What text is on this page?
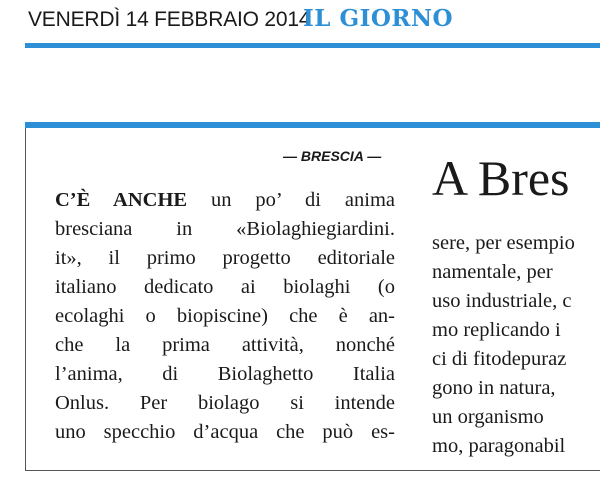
VENERDÌ 14 FEBBRAIO 2014
IL GIORNO
— BRESCIA — A Bres
C’È ANCHE un po’ di anima
bresciana in «Biolaghiegiardini.
it», il primo progetto editoriale
italiano dedicato ai biolaghi (o
ecolaghi o biopiscine) che è an-
che la prima attività, nonché
l’anima, di Biolaghetto Italia
Onlus. Per biolago si intende
uno specchio d’acqua che può es-
sere, per esempio
namentale, per
uso industriale, c
mo replicando i
ci di fitodepuraz
gono in natura,
un organismo
mo, paragonabil
